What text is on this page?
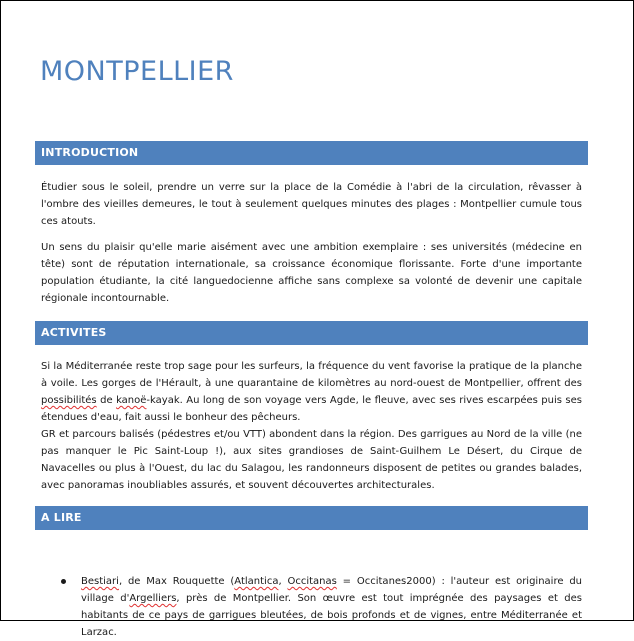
MONTPELLIER
INTRODUCTION

Étudier sous le soleil, prendre un verre sur la place de la Comédie à l'abri de la circulation, rêvasser à l'ombre des vieilles demeures, le tout à seulement quelques minutes des plages : Montpellier cumule tous ces atouts.

Un sens du plaisir qu'elle marie aisément avec une ambition exemplaire : ses universités (médecine en tête) sont de réputation internationale, sa croissance économique florissante. Forte d'une importante population étudiante, la cité languedocienne affiche sans complexe sa volonté de devenir une capitale régionale incontournable.

ACTIVITES

Si la Méditerranée reste trop sage pour les surfeurs, la fréquence du vent favorise la pratique de la planche à voile. Les gorges de l'Hérault, à une quarantaine de kilomètres au nord-ouest de Montpellier, offrent des possibilités de kanoë-kayak. Au long de son voyage vers Agde, le fleuve, avec ses rives escarpées puis ses étendues d'eau, fait aussi le bonheur des pêcheurs.

GR et parcours balisés (pédestres et/ou VTT) abondent dans la région. Des garrigues au Nord de la ville (ne pas manquer le Pic Saint-Loup !), aux sites grandioses de Saint-Guilhem Le Désert, du Cirque de Navacelles ou plus à l'Ouest, du lac du Salagou, les randonneurs disposent de petites ou grandes balades, avec panoramas inoubliables assurés, et souvent découvertes architecturales.

A LIRE
Bestiari, de Max Rouquette (Atlantica, Occitanas = Occitanes2000) : l'auteur est originaire du village d'Argelliers, près de Montpellier. Son œuvre est tout imprégnée des paysages et des habitants de ce pays de garrigues bleutées, de bois profonds et de vignes, entre Méditerranée et Larzac.
